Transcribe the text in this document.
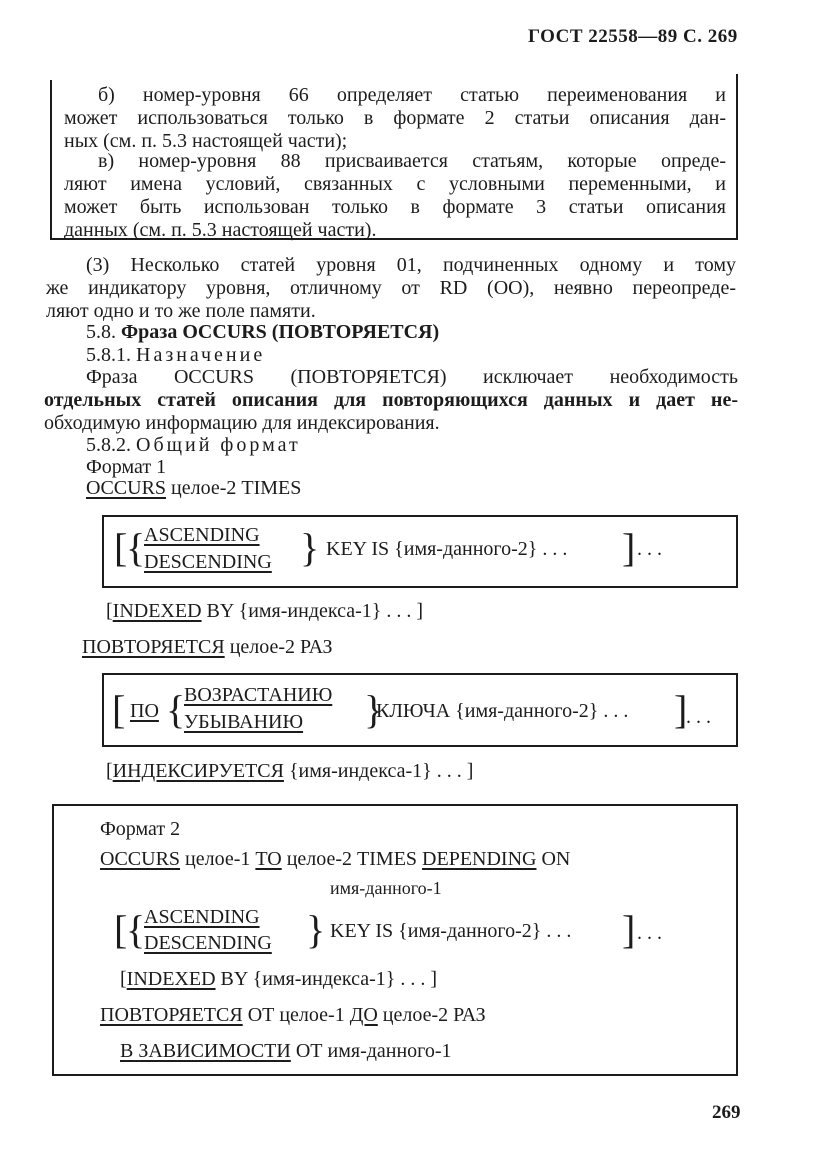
ГОСТ 22558—89 С. 269
б) номер-уровня 66 определяет статью переименования и
может использоваться только в формате 2 статьи описания дан-
ных (см. п. 5.3 настоящей части);
в) номер-уровня 88 присваивается статьям, которые опреде-
ляют имена условий, связанных с условными переменными, и
может быть использован только в формате 3 статьи описания
данных (см. п. 5.3 настоящей части).
(3) Несколько статей уровня 01, подчиненных одному и тому
же индикатору уровня, отличному от RD (OO), неявно переопреде-
ляют одно и то же поле памяти.
5.8. Фраза OCCURS (ПОВТОРЯЕТСЯ)
5.8.1. Назначение
Фраза OCCURS (ПОВТОРЯЕТСЯ) исключает необходимость
отдельных статей описания для повторяющихся данных и дает не-
обходимую информацию для индексирования.
5.8.2. Общий формат
Формат 1
OCCURS целое-2 TIMES
[
{
ASCENDING
DESCENDING } KEY IS {имя-данного-2} . . . ] . . .
[INDEXED BY {имя-индекса-1} . . . ]
ПОВТОРЯЕТСЯ целое-2 РАЗ
[ ПО {
ВОЗРАСТАНИЮ
УБЫВАНИЮ }
КЛЮЧА {имя-данного-2} . . . ]
. . .
[ИНДЕКСИРУЕТСЯ {имя-индекса-1} . . . ]
Формат 2
OCCURS целое-1 TO целое-2 TIMES DEPENDING ON
имя-данного-1
[
{
ASCENDING
DESCENDING } KEY IS {имя-данного-2} . . . ] . . .
[INDEXED BY {имя-индекса-1} . . . ]
ПОВТОРЯЕТСЯ ОТ целое-1 ДО целое-2 РАЗ
В ЗАВИСИМОСТИ ОТ имя-данного-1
269
